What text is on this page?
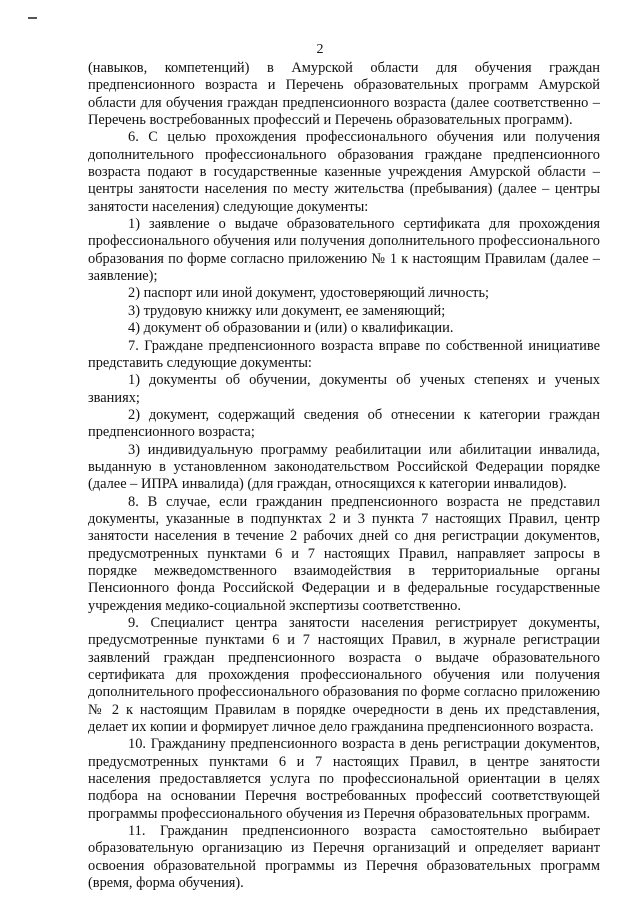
2

(навыков, компетенций) в Амурской области для обучения граждан предпенсионного возраста и Перечень образовательных программ Амурской области для обучения граждан предпенсионного возраста (далее соответственно – Перечень востребованных профессий и Перечень образовательных программ).

6. С целью прохождения профессионального обучения или получения дополнительного профессионального образования граждане предпенсионного возраста подают в государственные казенные учреждения Амурской области – центры занятости населения по месту жительства (пребывания) (далее – центры занятости населения) следующие документы:

1) заявление о выдаче образовательного сертификата для прохождения профессионального обучения или получения дополнительного профессионального образования по форме согласно приложению № 1 к настоящим Правилам (далее – заявление);

2) паспорт или иной документ, удостоверяющий личность;

3) трудовую книжку или документ, ее заменяющий;

4) документ об образовании и (или) о квалификации.

7. Граждане предпенсионного возраста вправе по собственной инициативе представить следующие документы:

1) документы об обучении, документы об ученых степенях и ученых званиях;

2) документ, содержащий сведения об отнесении к категории граждан предпенсионного возраста;

3) индивидуальную программу реабилитации или абилитации инвалида, выданную в установленном законодательством Российской Федерации порядке (далее – ИПРА инвалида) (для граждан, относящихся к категории инвалидов).

8. В случае, если гражданин предпенсионного возраста не представил документы, указанные в подпунктах 2 и 3 пункта 7 настоящих Правил, центр занятости населения в течение 2 рабочих дней со дня регистрации документов, предусмотренных пунктами 6 и 7 настоящих Правил, направляет запросы в порядке межведомственного взаимодействия в территориальные органы Пенсионного фонда Российской Федерации и в федеральные государственные учреждения медико-социальной экспертизы соответственно.

9. Специалист центра занятости населения регистрирует документы, предусмотренные пунктами 6 и 7 настоящих Правил, в журнале регистрации заявлений граждан предпенсионного возраста о выдаче образовательного сертификата для прохождения профессионального обучения или получения дополнительного профессионального образования по форме согласно приложению № 2 к настоящим Правилам в порядке очередности в день их представления, делает их копии и формирует личное дело гражданина предпенсионного возраста.

10. Гражданину предпенсионного возраста в день регистрации документов, предусмотренных пунктами 6 и 7 настоящих Правил, в центре занятости населения предоставляется услуга по профессиональной ориентации в целях подбора на основании Перечня востребованных профессий соответствующей программы профессионального обучения из Перечня образовательных программ.

11. Гражданин предпенсионного возраста самостоятельно выбирает образовательную организацию из Перечня организаций и определяет вариант освоения образовательной программы из Перечня образовательных программ (время, форма обучения).
